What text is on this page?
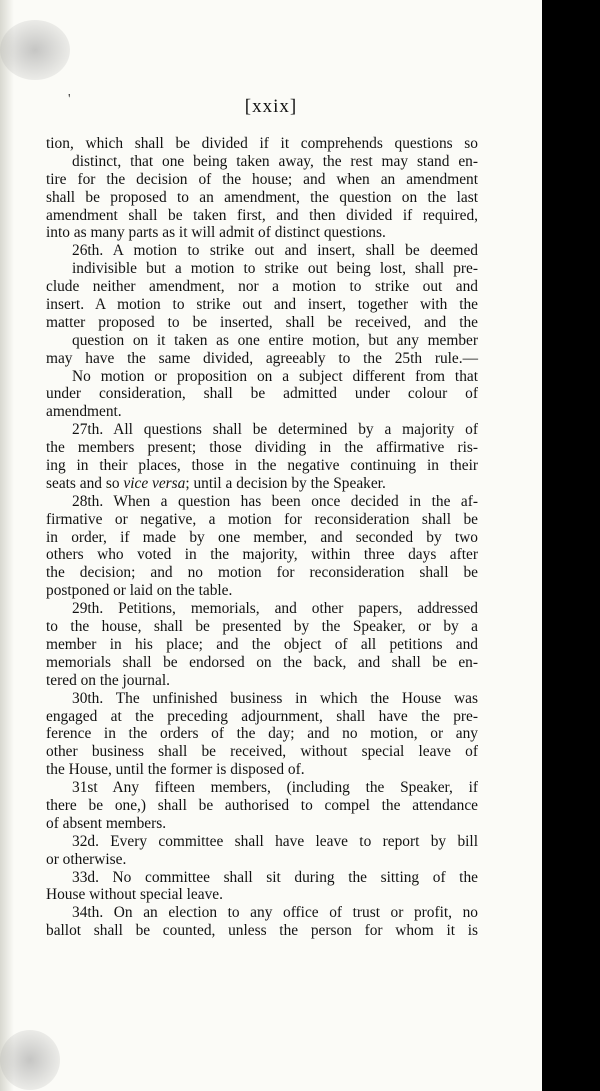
'	[xxix]
tion, which shall be divided if it comprehends questions so
distinct, that one being taken away, the rest may stand en-
tire for the decision of the house; and when an amendment
shall be proposed to an amendment, the question on the last
amendment shall be taken first, and then divided if required,
into as many parts as it will admit of distinct questions.
26th. A motion to strike out and insert, shall be deemed
indivisible but a motion to strike out being lost, shall pre-
clude neither amendment, nor a motion to strike out and
insert. A motion to strike out and insert, together with the
matter proposed to be inserted, shall be received, and the
question on it taken as one entire motion, but any member
may have the same divided, agreeably to the 25th rule.—
No motion or proposition on a subject different from that
under consideration, shall be admitted under colour of
amendment.
27th. All questions shall be determined by a majority of
the members present; those dividing in the affirmative ris-
ing in their places, those in the negative continuing in their
seats and so vice versa; until a decision by the Speaker.
28th. When a question has been once decided in the af-
firmative or negative, a motion for reconsideration shall be
in order, if made by one member, and seconded by two
others who voted in the majority, within three days after
the decision; and no motion for reconsideration shall be
postponed or laid on the table.
29th. Petitions, memorials, and other papers, addressed
to the house, shall be presented by the Speaker, or by a
member in his place; and the object of all petitions and
memorials shall be endorsed on the back, and shall be en-
tered on the journal.
30th. The unfinished business in which the House was
engaged at the preceding adjournment, shall have the pre-
ference in the orders of the day; and no motion, or any
other business shall be received, without special leave of
the House, until the former is disposed of.
31st Any fifteen members, (including the Speaker, if
there be one,) shall be authorised to compel the attendance
of absent members.
32d. Every committee shall have leave to report by bill
or otherwise.
33d. No committee shall sit during the sitting of the
House without special leave.
34th. On an election to any office of trust or profit, no
ballot shall be counted, unless the person for whom it is
